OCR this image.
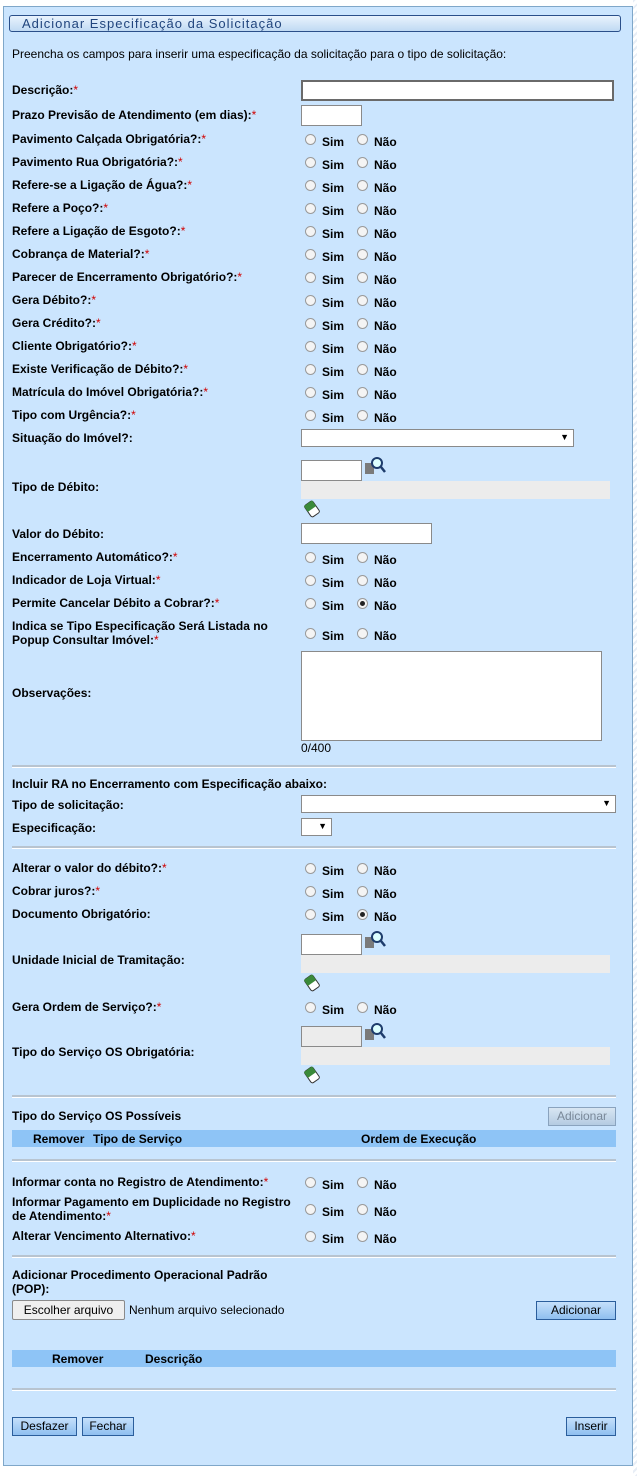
Adicionar Especificação da Solicitação
Preencha os campos para inserir uma especificação da solicitação para o tipo de solicitação:
Descrição:*
Prazo Previsão de Atendimento (em dias):*
Pavimento Calçada Obrigatória?:*	Sim	Não
Pavimento Rua Obrigatória?:*	Sim	Não
Refere-se a Ligação de Água?:*	Sim	Não
Refere a Poço?:*	Sim	Não
Refere a Ligação de Esgoto?:*	Sim	Não
Cobrança de Material?:*	Sim	Não
Parecer de Encerramento Obrigatório?:*	Sim	Não
Gera Débito?:*	Sim	Não
Gera Crédito?:*	Sim	Não
Cliente Obrigatório?:*	Sim	Não
Existe Verificação de Débito?:*	Sim	Não
Matrícula do Imóvel Obrigatória?:*	Sim	Não
Tipo com Urgência?:*	Sim	Não
Situação do Imóvel?:	▼
Tipo de Débito:
Valor do Débito:
Encerramento Automático?:*	Sim	Não
Indicador de Loja Virtual:*	Sim	Não
Permite Cancelar Débito a Cobrar?:*	Sim	Não
Indica se Tipo Especificação Será Listada no
Popup Consultar Imóvel:*	Sim	Não
Observações:
0/400
Incluir RA no Encerramento com Especificação abaixo:
Tipo de solicitação:	▼
Especificação:	▼
Alterar o valor do débito?:*	Sim	Não
Cobrar juros?:*	Sim	Não
Documento Obrigatório:	Sim	Não
Unidade Inicial de Tramitação:
Gera Ordem de Serviço?:*	Sim	Não
Tipo do Serviço OS Obrigatória:
Tipo do Serviço OS Possíveis	Adicionar
Remover Tipo de Serviço	Ordem de Execução
Informar conta no Registro de Atendimento:*	Sim	Não
Informar Pagamento em Duplicidade no Registro
de Atendimento:*	Sim	Não
Alterar Vencimento Alternativo:*	Sim	Não
Adicionar Procedimento Operacional Padrão
(POP):
Escolher arquivo	Nenhum arquivo selecionado	Adicionar
Remover	Descrição
Desfazer	Fechar	Inserir
